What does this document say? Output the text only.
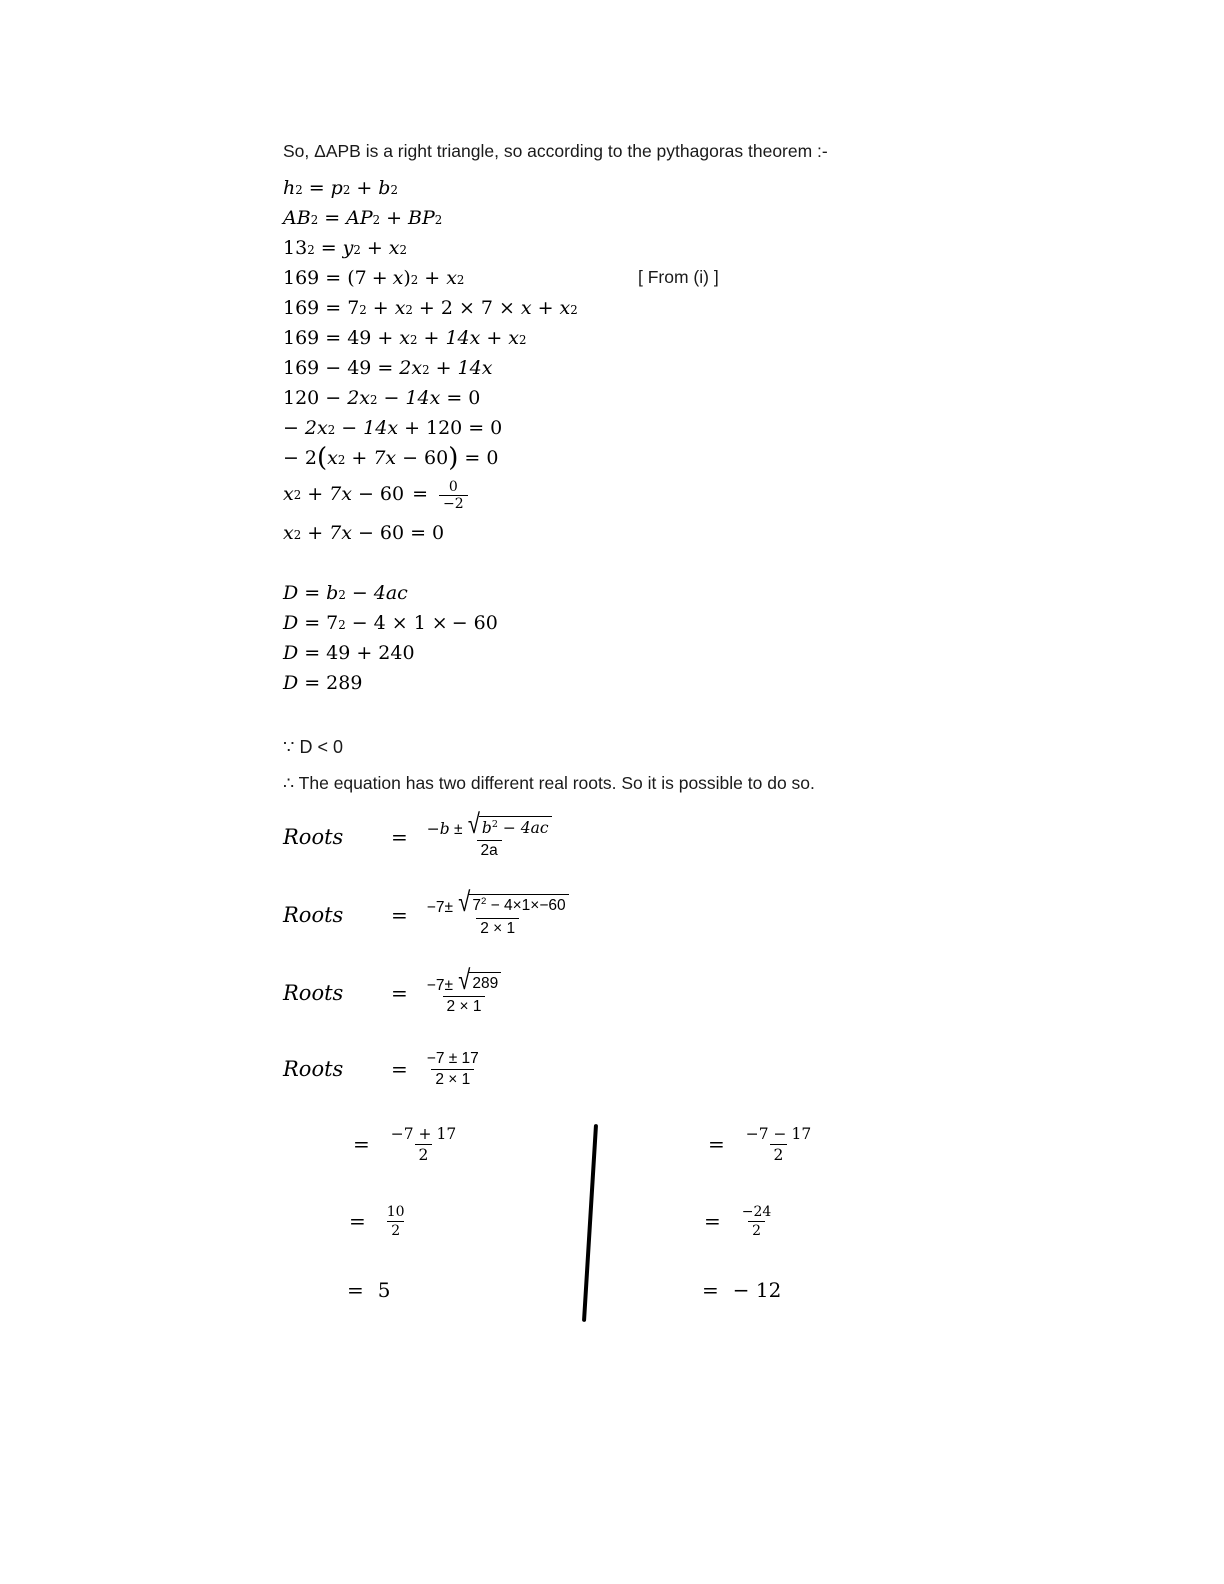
So, ΔAPB is a right triangle, so according to the pythagoras theorem :-
h 2 = p 2 + b 2
AB 2 = AP 2 + BP 2
13 2 = y 2 + x 2
169 = ( 7 + x ) 2 + x 2	[ From (i) ]
169 = 7 2 + x 2 + 2 × 7 × x + x 2
169 = 49 + x 2 + 14x + x 2
169 − 49 = 2x 2 + 14x
120 − 2x 2 − 14x = 0
− 2x 2 − 14x + 120 = 0
− 2 ( x 2 + 7x − 60 ) = 0
x $2 + 7x - 60 = \frac{0}{-2}$
x 2 + 7x − 60 = 0
D = b 2 − 4ac
D = 7 2 − 4 × 1 × − 60
D = 49 + 240
D = 289
∵ D < 0
∴ The equation has two different real roots. So it is possible to do so.
Roots	= −b ± √ $b^2 - 4ac$
2a
Roots	= −7± √ $7^2 - 4\times 1\times-60$
2 × 1
Roots	= $\frac{-7\pm √ 289}{2 \times 1}$
Roots	= $\frac{-7 \pm 17}{2 \times 1}$
= $\frac{-7 + 17}{2}$
= $\frac{10}{2}$
= 5
= $\frac{-7 - 17}{2}$
= $\frac{-24}{2}$
= − 12
